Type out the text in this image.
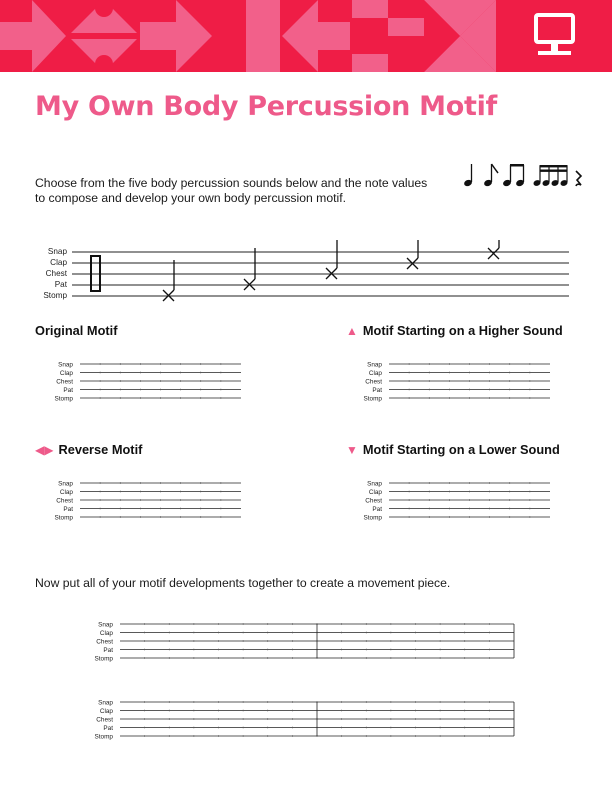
My Own Body Percussion Motif

Choose from the five body percussion sounds below and the note values
to compose and develop your own body percussion motif.

Snap
Clap
Chest
Pat
Stomp
Original Motif	▲ Motif Starting on a Higher Sound
◀▶ Reverse Motif	▼ Motif Starting on a Lower Sound
Snap
Clap
Chest
Pat
Stomp
Snap
Clap
Chest
Pat
Stomp
Snap
Clap
Chest
Pat
Stomp
Snap
Clap
Chest
Pat
Stomp

Now put all of your motif developments together to create a movement piece.

Snap
Clap
Chest
Pat
Stomp
Snap
Clap
Chest
Pat
Stomp
